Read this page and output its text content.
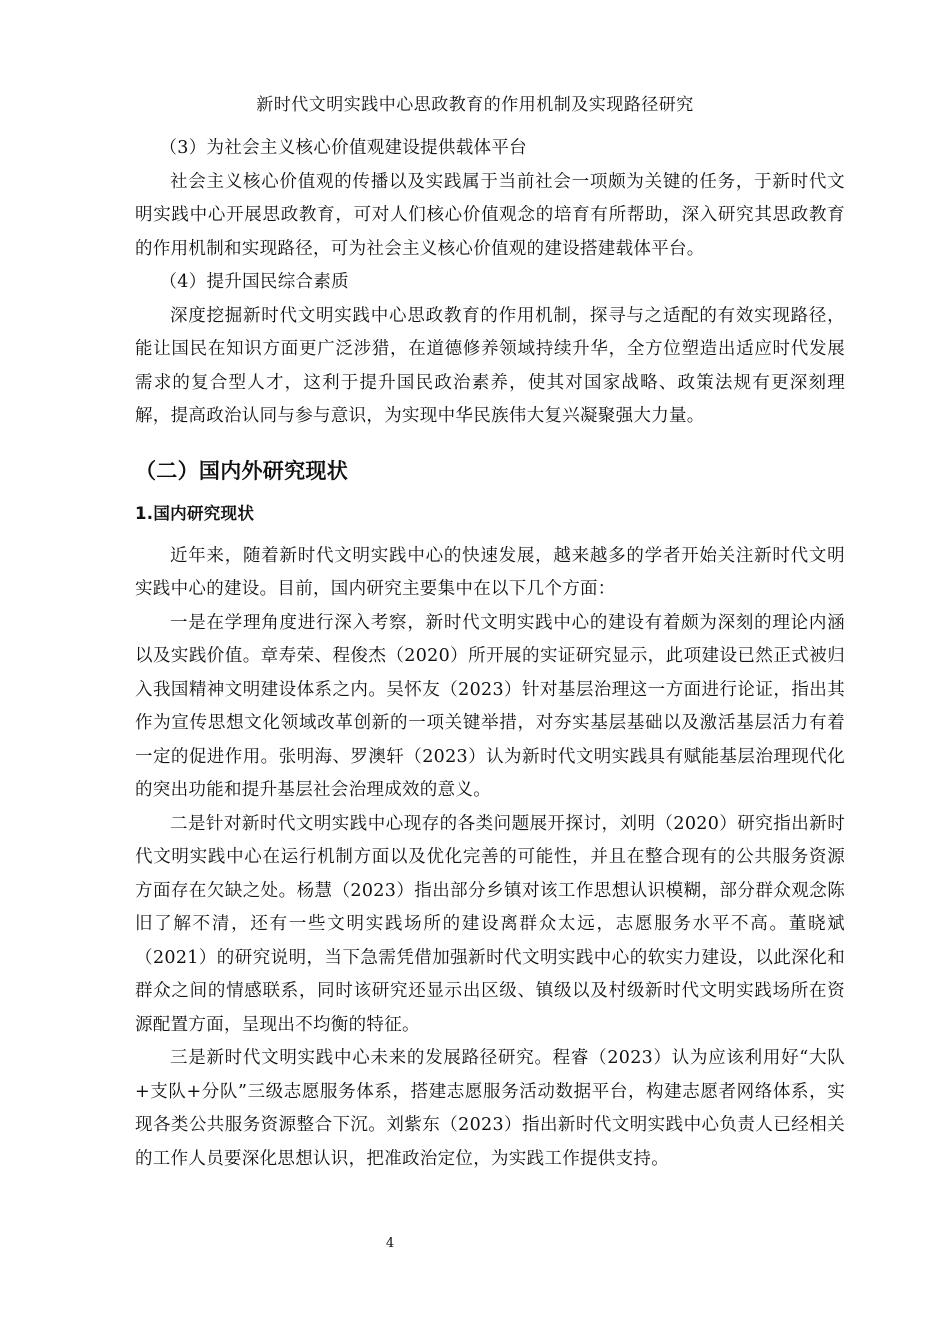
新时代文明实践中心思政教育的作用机制及实现路径研究

（3）为社会主义核心价值观建设提供载体平台

社会主义核心价值观的传播以及实践属于当前社会一项颇为关键的任务，于新时代文明实践中心开展思政教育，可对人们核心价值观念的培育有所帮助，深入研究其思政教育的作用机制和实现路径，可为社会主义核心价值观的建设搭建载体平台。

（4）提升国民综合素质

深度挖掘新时代文明实践中心思政教育的作用机制，探寻与之适配的有效实现路径，能让国民在知识方面更广泛涉猎，在道德修养领域持续升华，全方位塑造出适应时代发展需求的复合型人才，这利于提升国民政治素养，使其对国家战略、政策法规有更深刻理解，提高政治认同与参与意识，为实现中华民族伟大复兴凝聚强大力量。

（二）国内外研究现状
1.国内研究现状

近年来，随着新时代文明实践中心的快速发展，越来越多的学者开始关注新时代文明实践中心的建设。目前，国内研究主要集中在以下几个方面：

一是在学理角度进行深入考察，新时代文明实践中心的建设有着颇为深刻的理论内涵以及实践价值。章寿荣、程俊杰（2020）所开展的实证研究显示，此项建设已然正式被归入我国精神文明建设体系之内。吴怀友（2023）针对基层治理这一方面进行论证，指出其作为宣传思想文化领域改革创新的一项关键举措，对夯实基层基础以及激活基层活力有着一定的促进作用。张明海、罗澳轩（2023）认为新时代文明实践具有赋能基层治理现代化的突出功能和提升基层社会治理成效的意义。

二是针对新时代文明实践中心现存的各类问题展开探讨，刘明（2020）研究指出新时代文明实践中心在运行机制方面以及优化完善的可能性，并且在整合现有的公共服务资源方面存在欠缺之处。杨慧（2023）指出部分乡镇对该工作思想认识模糊，部分群众观念陈旧了解不清，还有一些文明实践场所的建设离群众太远，志愿服务水平不高。董晓斌（2021）的研究说明，当下急需凭借加强新时代文明实践中心的软实力建设，以此深化和群众之间的情感联系，同时该研究还显示出区级、镇级以及村级新时代文明实践场所在资源配置方面，呈现出不均衡的特征。

三是新时代文明实践中心未来的发展路径研究。程睿（2023）认为应该利用好“大队+支队+分队”三级志愿服务体系，搭建志愿服务活动数据平台，构建志愿者网络体系，实现各类公共服务资源整合下沉。刘紫东（2023）指出新时代文明实践中心负责人已经相关的工作人员要深化思想认识，把准政治定位，为实践工作提供支持。

4
